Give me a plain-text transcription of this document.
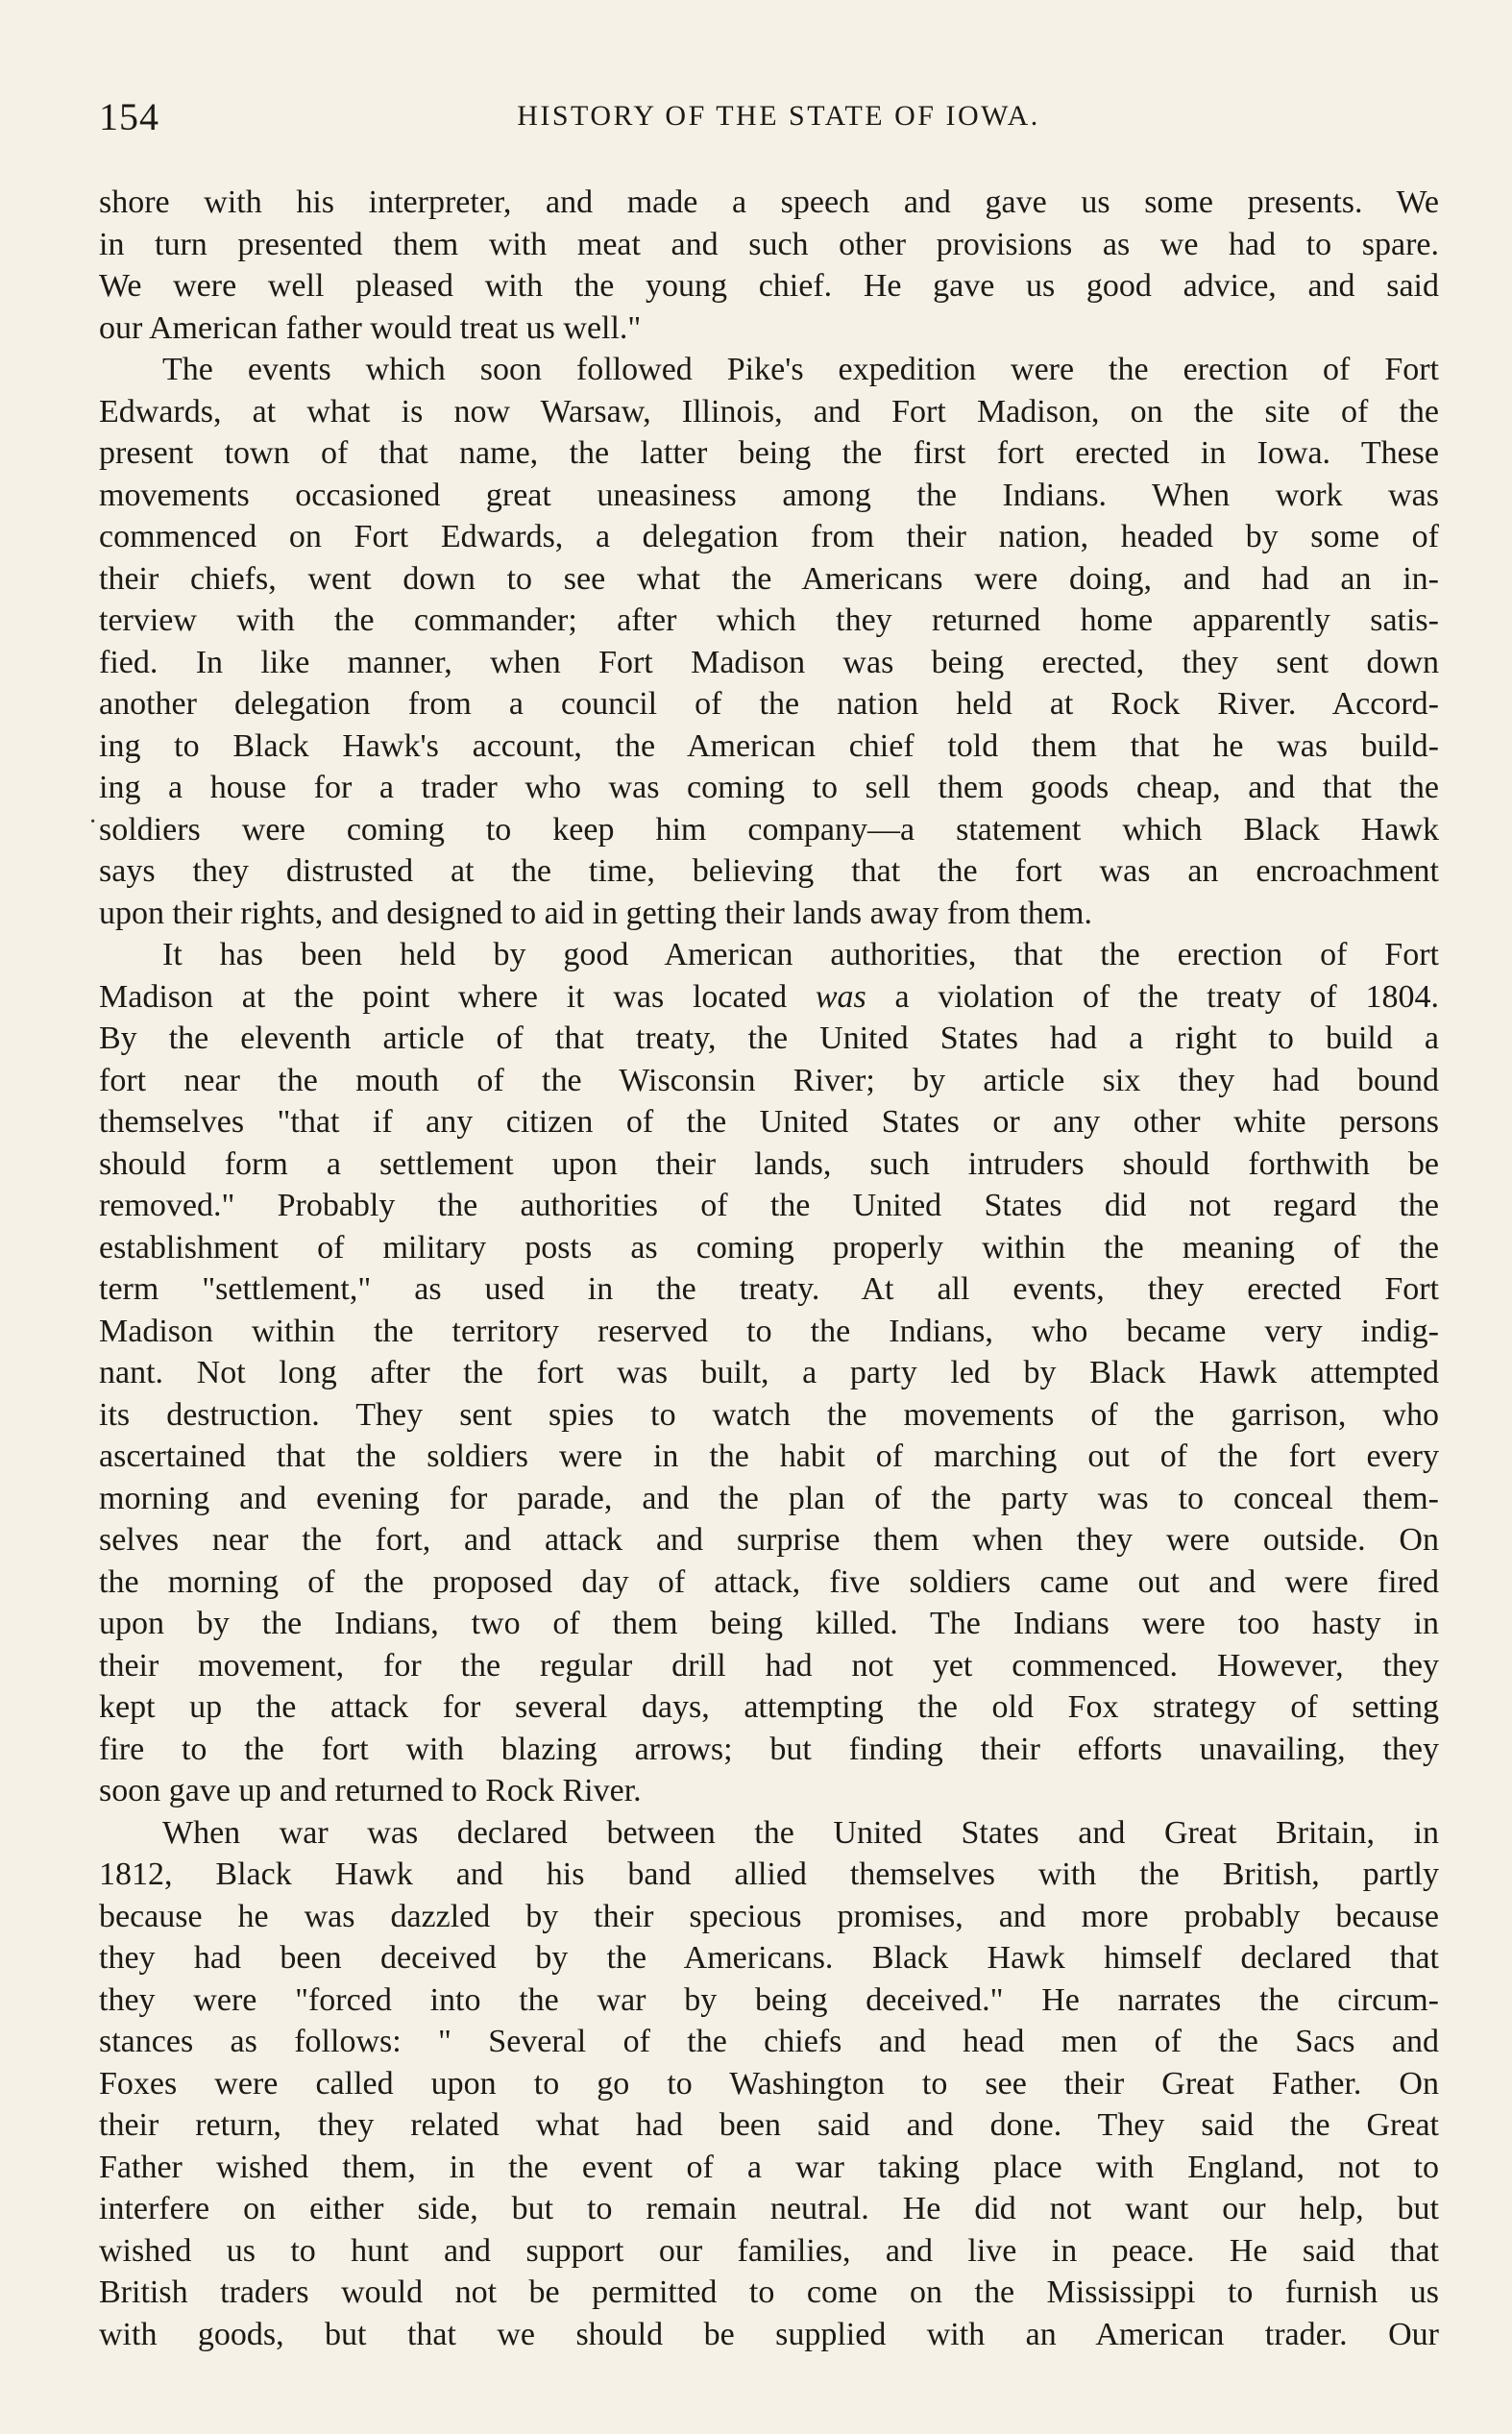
154	HISTORY OF THE STATE OF IOWA.
·
shore with his interpreter, and made a speech and gave us some presents. We
in turn presented them with meat and such other provisions as we had to spare.
We were well pleased with the young chief. He gave us good advice, and said
our American father would treat us well."
The events which soon followed Pike's expedition were the erection of Fort
Edwards, at what is now Warsaw, Illinois, and Fort Madison, on the site of the
present town of that name, the latter being the first fort erected in Iowa. These
movements occasioned great uneasiness among the Indians. When work was
commenced on Fort Edwards, a delegation from their nation, headed by some of
their chiefs, went down to see what the Americans were doing, and had an in-
terview with the commander; after which they returned home apparently satis-
fied. In like manner, when Fort Madison was being erected, they sent down
another delegation from a council of the nation held at Rock River. Accord-
ing to Black Hawk's account, the American chief told them that he was build-
ing a house for a trader who was coming to sell them goods cheap, and that the
soldiers were coming to keep him company—a statement which Black Hawk
says they distrusted at the time, believing that the fort was an encroachment
upon their rights, and designed to aid in getting their lands away from them.
It has been held by good American authorities, that the erection of Fort
Madison at the point where it was located was a violation of the treaty of 1804.
By the eleventh article of that treaty, the United States had a right to build a
fort near the mouth of the Wisconsin River; by article six they had bound
themselves "that if any citizen of the United States or any other white persons
should form a settlement upon their lands, such intruders should forthwith be
removed." Probably the authorities of the United States did not regard the
establishment of military posts as coming properly within the meaning of the
term "settlement," as used in the treaty. At all events, they erected Fort
Madison within the territory reserved to the Indians, who became very indig-
nant. Not long after the fort was built, a party led by Black Hawk attempted
its destruction. They sent spies to watch the movements of the garrison, who
ascertained that the soldiers were in the habit of marching out of the fort every
morning and evening for parade, and the plan of the party was to conceal them-
selves near the fort, and attack and surprise them when they were outside. On
the morning of the proposed day of attack, five soldiers came out and were fired
upon by the Indians, two of them being killed. The Indians were too hasty in
their movement, for the regular drill had not yet commenced. However, they
kept up the attack for several days, attempting the old Fox strategy of setting
fire to the fort with blazing arrows; but finding their efforts unavailing, they
soon gave up and returned to Rock River.
When war was declared between the United States and Great Britain, in
1812, Black Hawk and his band allied themselves with the British, partly
because he was dazzled by their specious promises, and more probably because
they had been deceived by the Americans. Black Hawk himself declared that
they were "forced into the war by being deceived." He narrates the circum-
stances as follows: " Several of the chiefs and head men of the Sacs and
Foxes were called upon to go to Washington to see their Great Father. On
their return, they related what had been said and done. They said the Great
Father wished them, in the event of a war taking place with England, not to
interfere on either side, but to remain neutral. He did not want our help, but
wished us to hunt and support our families, and live in peace. He said that
British traders would not be permitted to come on the Mississippi to furnish us
with goods, but that we should be supplied with an American trader. Our
